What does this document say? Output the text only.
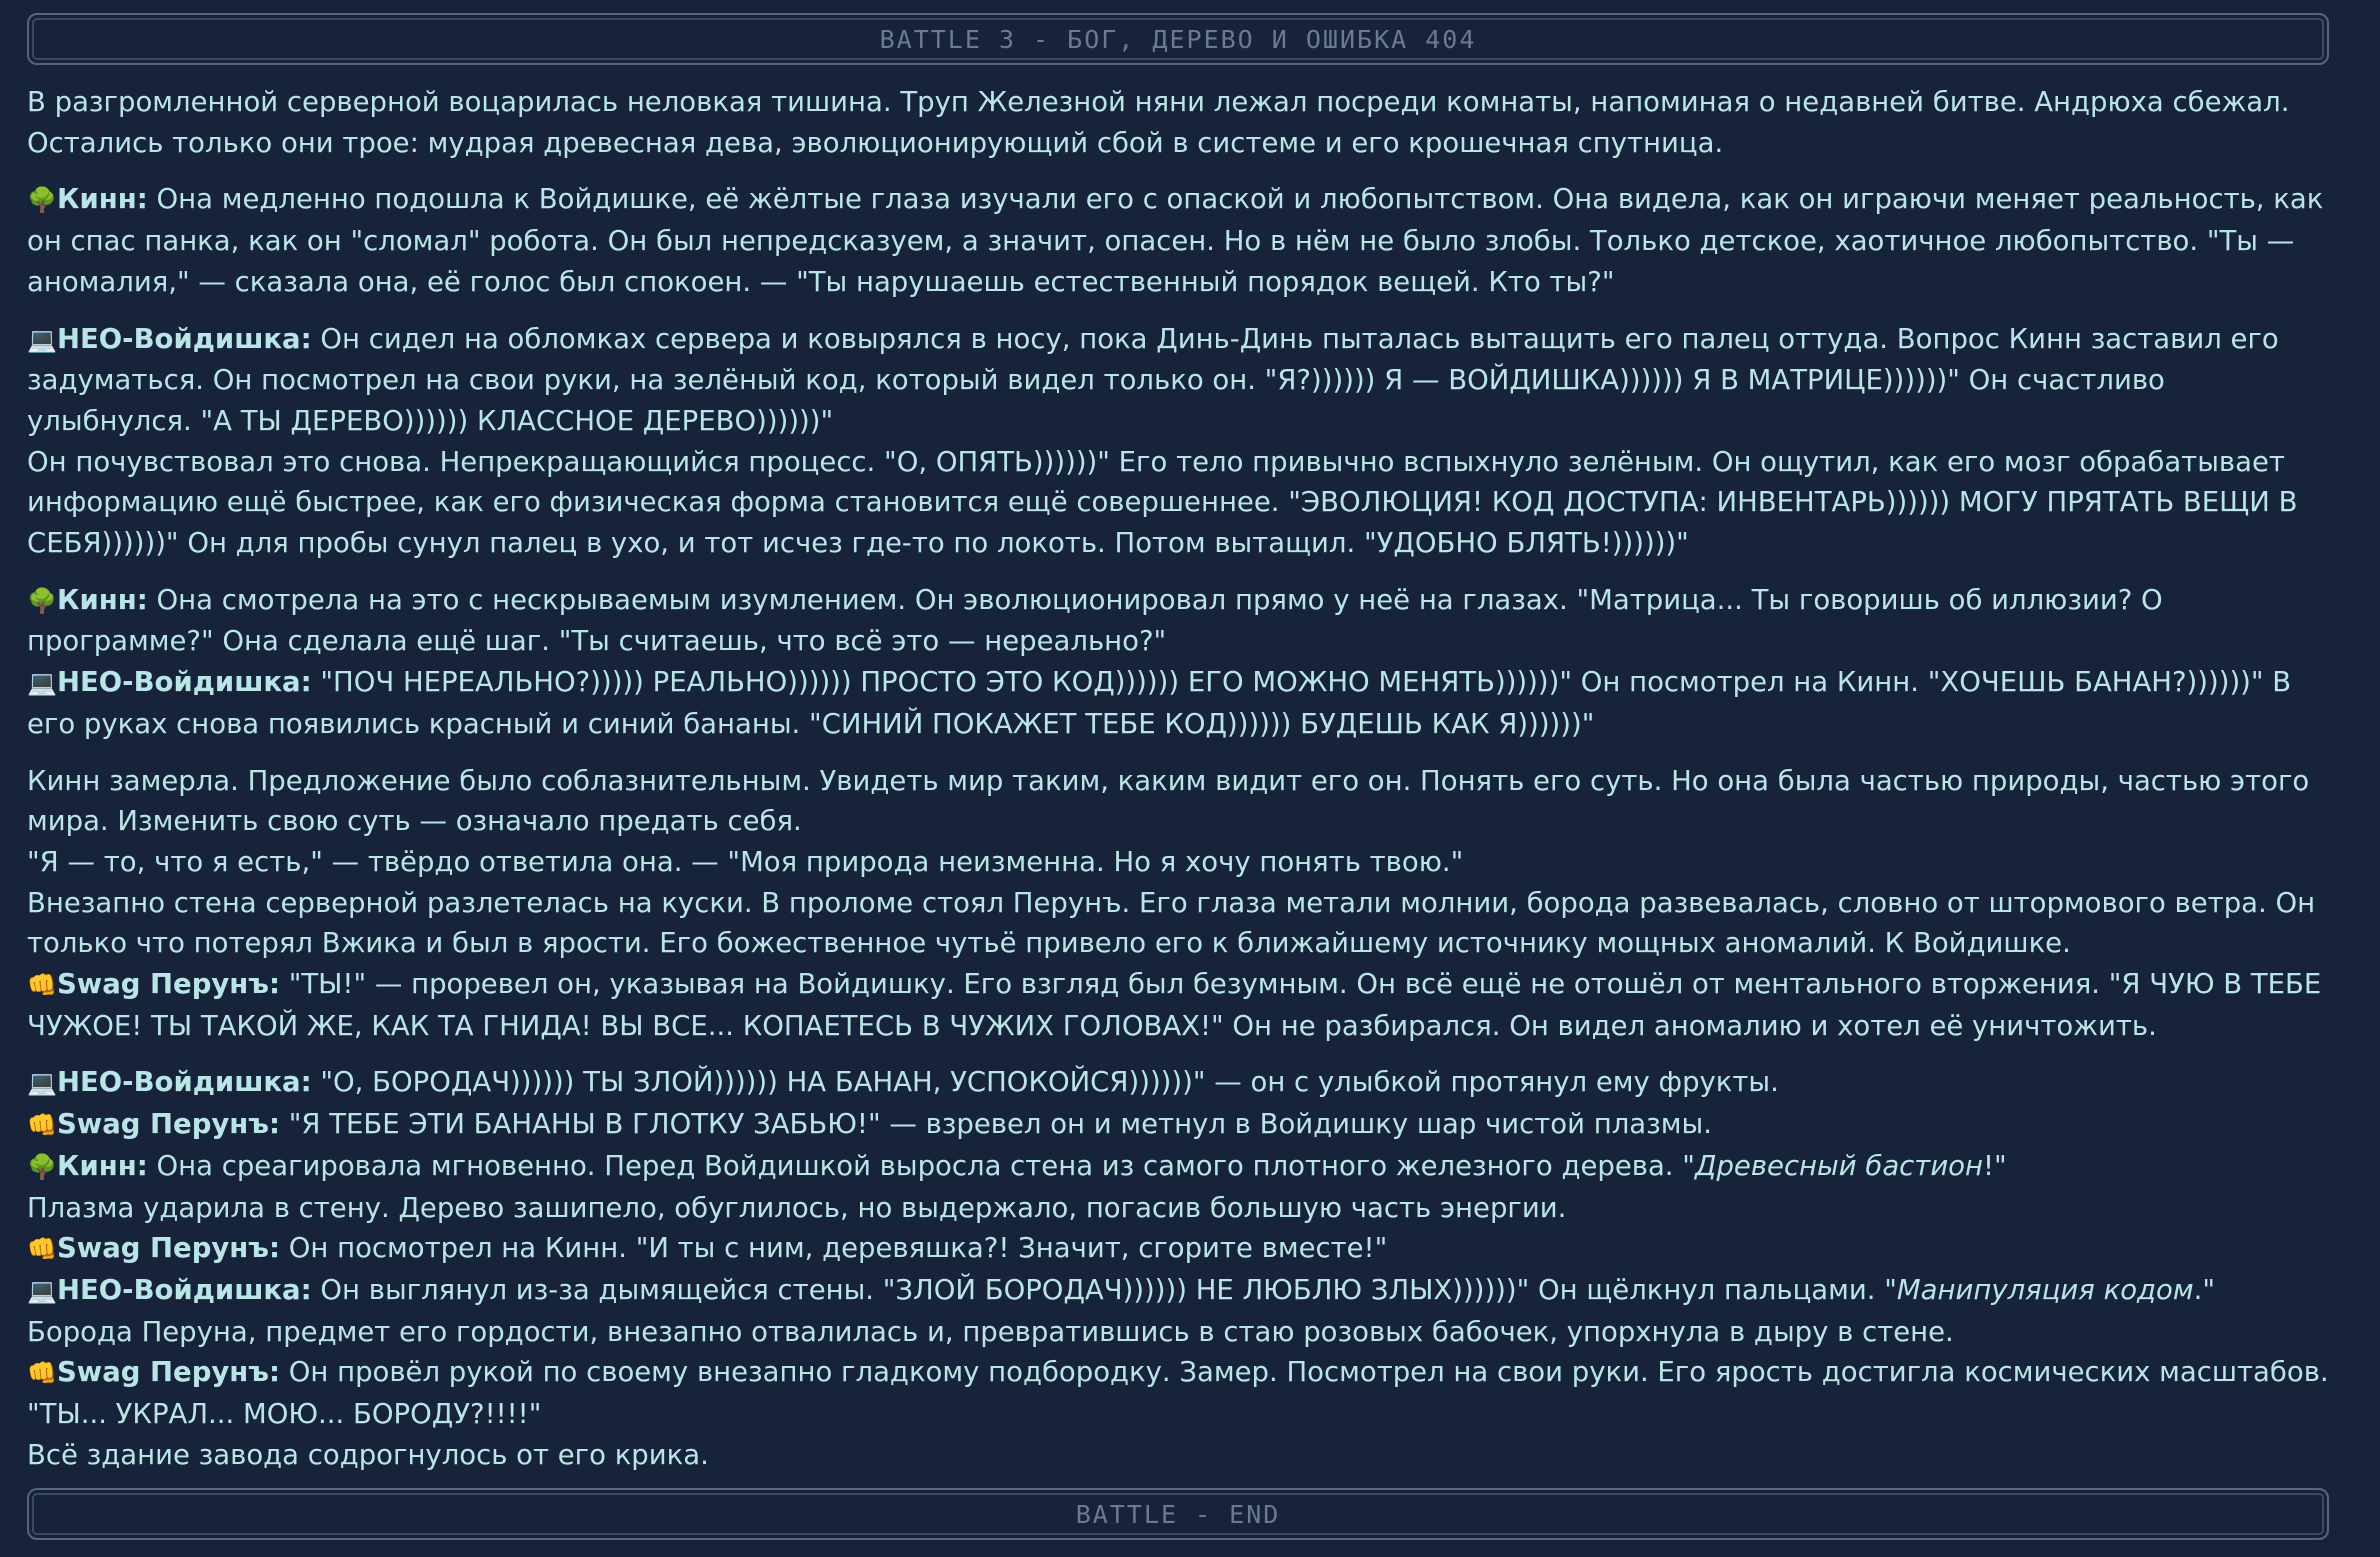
BATTLE 3 - БОГ, ДЕРЕВО И ОШИБКА 404

В разгромленной серверной воцарилась неловкая тишина. Труп Железной няни лежал посреди комнаты, напоминая о недавней битве. Андрюха сбежал. Остались только они трое: мудрая древесная дева, эволюционирующий сбой в системе и его крошечная спутница.

🌳Кинн: Она медленно подошла к Войдишке, её жёлтые глаза изучали его с опаской и любопытством. Она видела, как он играючи меняет реальность, как он спас панка, как он "сломал" робота. Он был непредсказуем, а значит, опасен. Но в нём не было злобы. Только детское, хаотичное любопытство. "Ты — аномалия," — сказала она, её голос был спокоен. — "Ты нарушаешь естественный порядок вещей. Кто ты?"

💻НЕО-Войдишка: Он сидел на обломках сервера и ковырялся в носу, пока Динь-Динь пыталась вытащить его палец оттуда. Вопрос Кинн заставил его задуматься. Он посмотрел на свои руки, на зелёный код, который видел только он. "Я?)))))) Я — ВОЙДИШКА)))))) Я В МАТРИЦЕ))))))" Он счастливо улыбнулся. "А ТЫ ДЕРЕВО)))))) КЛАССНОЕ ДЕРЕВО))))))"

Он почувствовал это снова. Непрекращающийся процесс. "О, ОПЯТЬ))))))" Его тело привычно вспыхнуло зелёным. Он ощутил, как его мозг обрабатывает информацию ещё быстрее, как его физическая форма становится ещё совершеннее. "ЭВОЛЮЦИЯ! КОД ДОСТУПА: ИНВЕНТАРЬ)))))) МОГУ ПРЯТАТЬ ВЕЩИ В СЕБЯ))))))" Он для пробы сунул палец в ухо, и тот исчез где-то по локоть. Потом вытащил. "УДОБНО БЛЯТЬ!))))))"

🌳Кинн: Она смотрела на это с нескрываемым изумлением. Он эволюционировал прямо у неё на глазах. "Матрица... Ты говоришь об иллюзии? О программе?" Она сделала ещё шаг. "Ты считаешь, что всё это — нереально?"

💻НЕО-Войдишка: "ПОЧ НЕРЕАЛЬНО?))))) РЕАЛЬНО)))))) ПРОСТО ЭТО КОД)))))) ЕГО МОЖНО МЕНЯТЬ))))))" Он посмотрел на Кинн. "ХОЧЕШЬ БАНАН?))))))" В его руках снова появились красный и синий бананы. "СИНИЙ ПОКАЖЕТ ТЕБЕ КОД)))))) БУДЕШЬ КАК Я))))))"

Кинн замерла. Предложение было соблазнительным. Увидеть мир таким, каким видит его он. Понять его суть. Но она была частью природы, частью этого мира. Изменить свою суть — означало предать себя.

"Я — то, что я есть," — твёрдо ответила она. — "Моя природа неизменна. Но я хочу понять твою."

Внезапно стена серверной разлетелась на куски. В проломе стоял Перунъ. Его глаза метали молнии, борода развевалась, словно от штормового ветра. Он только что потерял Вжика и был в ярости. Его божественное чутьё привело его к ближайшему источнику мощных аномалий. К Войдишке.

👊Swag Перунъ: "ТЫ!" — проревел он, указывая на Войдишку. Его взгляд был безумным. Он всё ещё не отошёл от ментального вторжения. "Я ЧУЮ В ТЕБЕ ЧУЖОЕ! ТЫ ТАКОЙ ЖЕ, КАК ТА ГНИДА! ВЫ ВСЕ... КОПАЕТЕСЬ В ЧУЖИХ ГОЛОВАХ!" Он не разбирался. Он видел аномалию и хотел её уничтожить.

💻НЕО-Войдишка: "О, БОРОДАЧ)))))) ТЫ ЗЛОЙ)))))) НА БАНАН, УСПОКОЙСЯ))))))" — он с улыбкой протянул ему фрукты.

👊Swag Перунъ: "Я ТЕБЕ ЭТИ БАНАНЫ В ГЛОТКУ ЗАБЬЮ!" — взревел он и метнул в Войдишку шар чистой плазмы.

🌳Кинн: Она среагировала мгновенно. Перед Войдишкой выросла стена из самого плотного железного дерева. "Древесный бастион!"

Плазма ударила в стену. Дерево зашипело, обуглилось, но выдержало, погасив большую часть энергии.

👊Swag Перунъ: Он посмотрел на Кинн. "И ты с ним, деревяшка?! Значит, сгорите вместе!"

💻НЕО-Войдишка: Он выглянул из-за дымящейся стены. "ЗЛОЙ БОРОДАЧ)))))) НЕ ЛЮБЛЮ ЗЛЫХ))))))" Он щёлкнул пальцами. "Манипуляция кодом."

Борода Перуна, предмет его гордости, внезапно отвалилась и, превратившись в стаю розовых бабочек, упорхнула в дыру в стене.

👊Swag Перунъ: Он провёл рукой по своему внезапно гладкому подбородку. Замер. Посмотрел на свои руки. Его ярость достигла космических масштабов.

"ТЫ... УКРАЛ... МОЮ... БОРОДУ?!!!!"

Всё здание завода содрогнулось от его крика.

BATTLE - END
